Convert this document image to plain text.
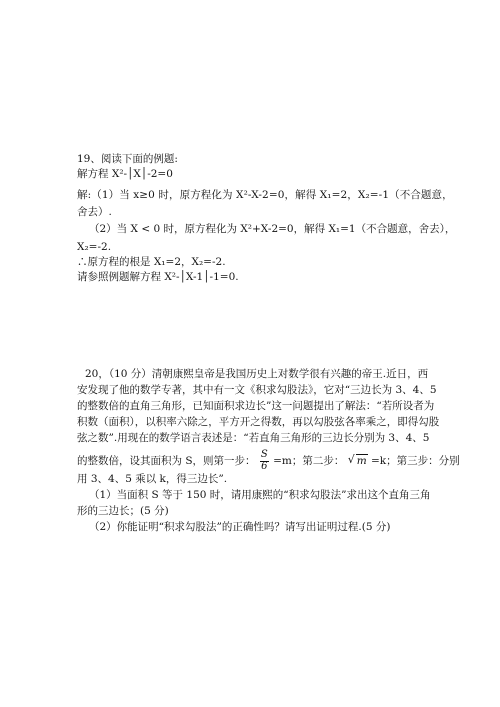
19、阅读下面的例题:
解方程 X²-│X│-2=0
解:（1）当 x≥0 时，原方程化为 X²-X-2=0，解得 X₁=2，X₂=-1（不合题意，
舍去）.
（2）当 X < 0 时，原方程化为 X²+X-2=0，解得 X₁=1（不合题意，舍去），
X₂=-2.
∴原方程的根是 X₁=2，X₂=-2.
请参照例题解方程 X²-│X-1│-1=0.
20，（10 分）清朝康熙皇帝是我国历史上对数学很有兴趣的帝王.近日，西
安发现了他的数学专著，其中有一文《积求勾股法》，它对“三边长为 3、4、5
的整数倍的直角三角形，已知面积求边长”这一问题提出了解法：“若所设者为
积数（面积），以积率六除之，平方开之得数，再以勾股弦各率乘之，即得勾股
弦之数”.用现在的数学语言表述是：“若直角三角形的三边长分别为 3、4、5
的整数倍，设其面积为 S，则第一步： $\frac{S}{6} =m$；第二步： √ m =k；第三步：分别
用 3、4、5 乘以 k，得三边长”.
（1）当面积 S 等于 150 时，请用康熙的“积求勾股法”求出这个直角三角
形的三边长；(5 分)
（2）你能证明“积求勾股法”的正确性吗？请写出证明过程.(5 分)
